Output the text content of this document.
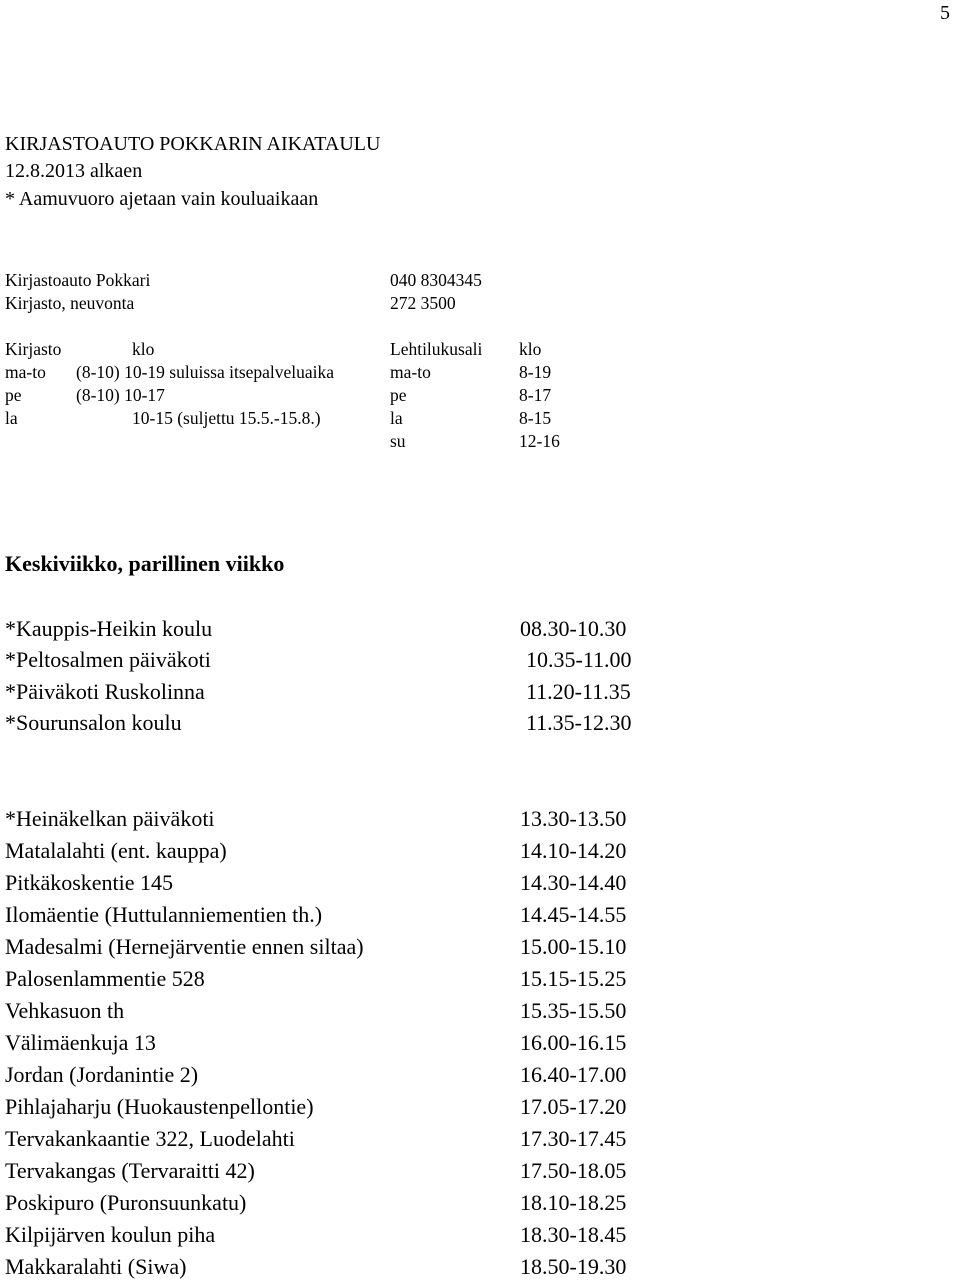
5
KIRJASTOAUTO POKKARIN AIKATAULU
12.8.2013 alkaen
* Aamuvuoro ajetaan vain kouluaikaan
Kirjastoauto Pokkari	040 8304345
Kirjasto, neuvonta	272 3500
Kirjasto	klo
ma-to (8-10) 10-19 suluissa itsepalveluaika
pe	(8-10) 10-17
la	10-15 (suljettu 15.5.-15.8.)
Lehtilukusali klo
ma-to	8-19
pe	8-17
la	8-15
su	12-16
Keskiviikko, parillinen viikko
*Kauppis-Heikin koulu	08.30-10.30
*Peltosalmen päiväkoti	10.35-11.00
*Päiväkoti Ruskolinna	11.20-11.35
*Sourunsalon koulu	11.35-12.30
*Heinäkelkan päiväkoti	13.30-13.50
Matalalahti (ent. kauppa)	14.10-14.20
Pitkäkoskentie 145	14.30-14.40
Ilomäentie (Huttulanniementien th.)	14.45-14.55
Madesalmi (Hernejärventie ennen siltaa)	15.00-15.10
Palosenlammentie 528	15.15-15.25
Vehkasuon th	15.35-15.50
Välimäenkuja 13	16.00-16.15
Jordan (Jordanintie 2)	16.40-17.00
Pihlajaharju (Huokaustenpellontie)	17.05-17.20
Tervakankaantie 322, Luodelahti	17.30-17.45
Tervakangas (Tervaraitti 42)	17.50-18.05
Poskipuro (Puronsuunkatu)	18.10-18.25
Kilpijärven koulun piha	18.30-18.45
Makkaralahti (Siwa)	18.50-19.30
